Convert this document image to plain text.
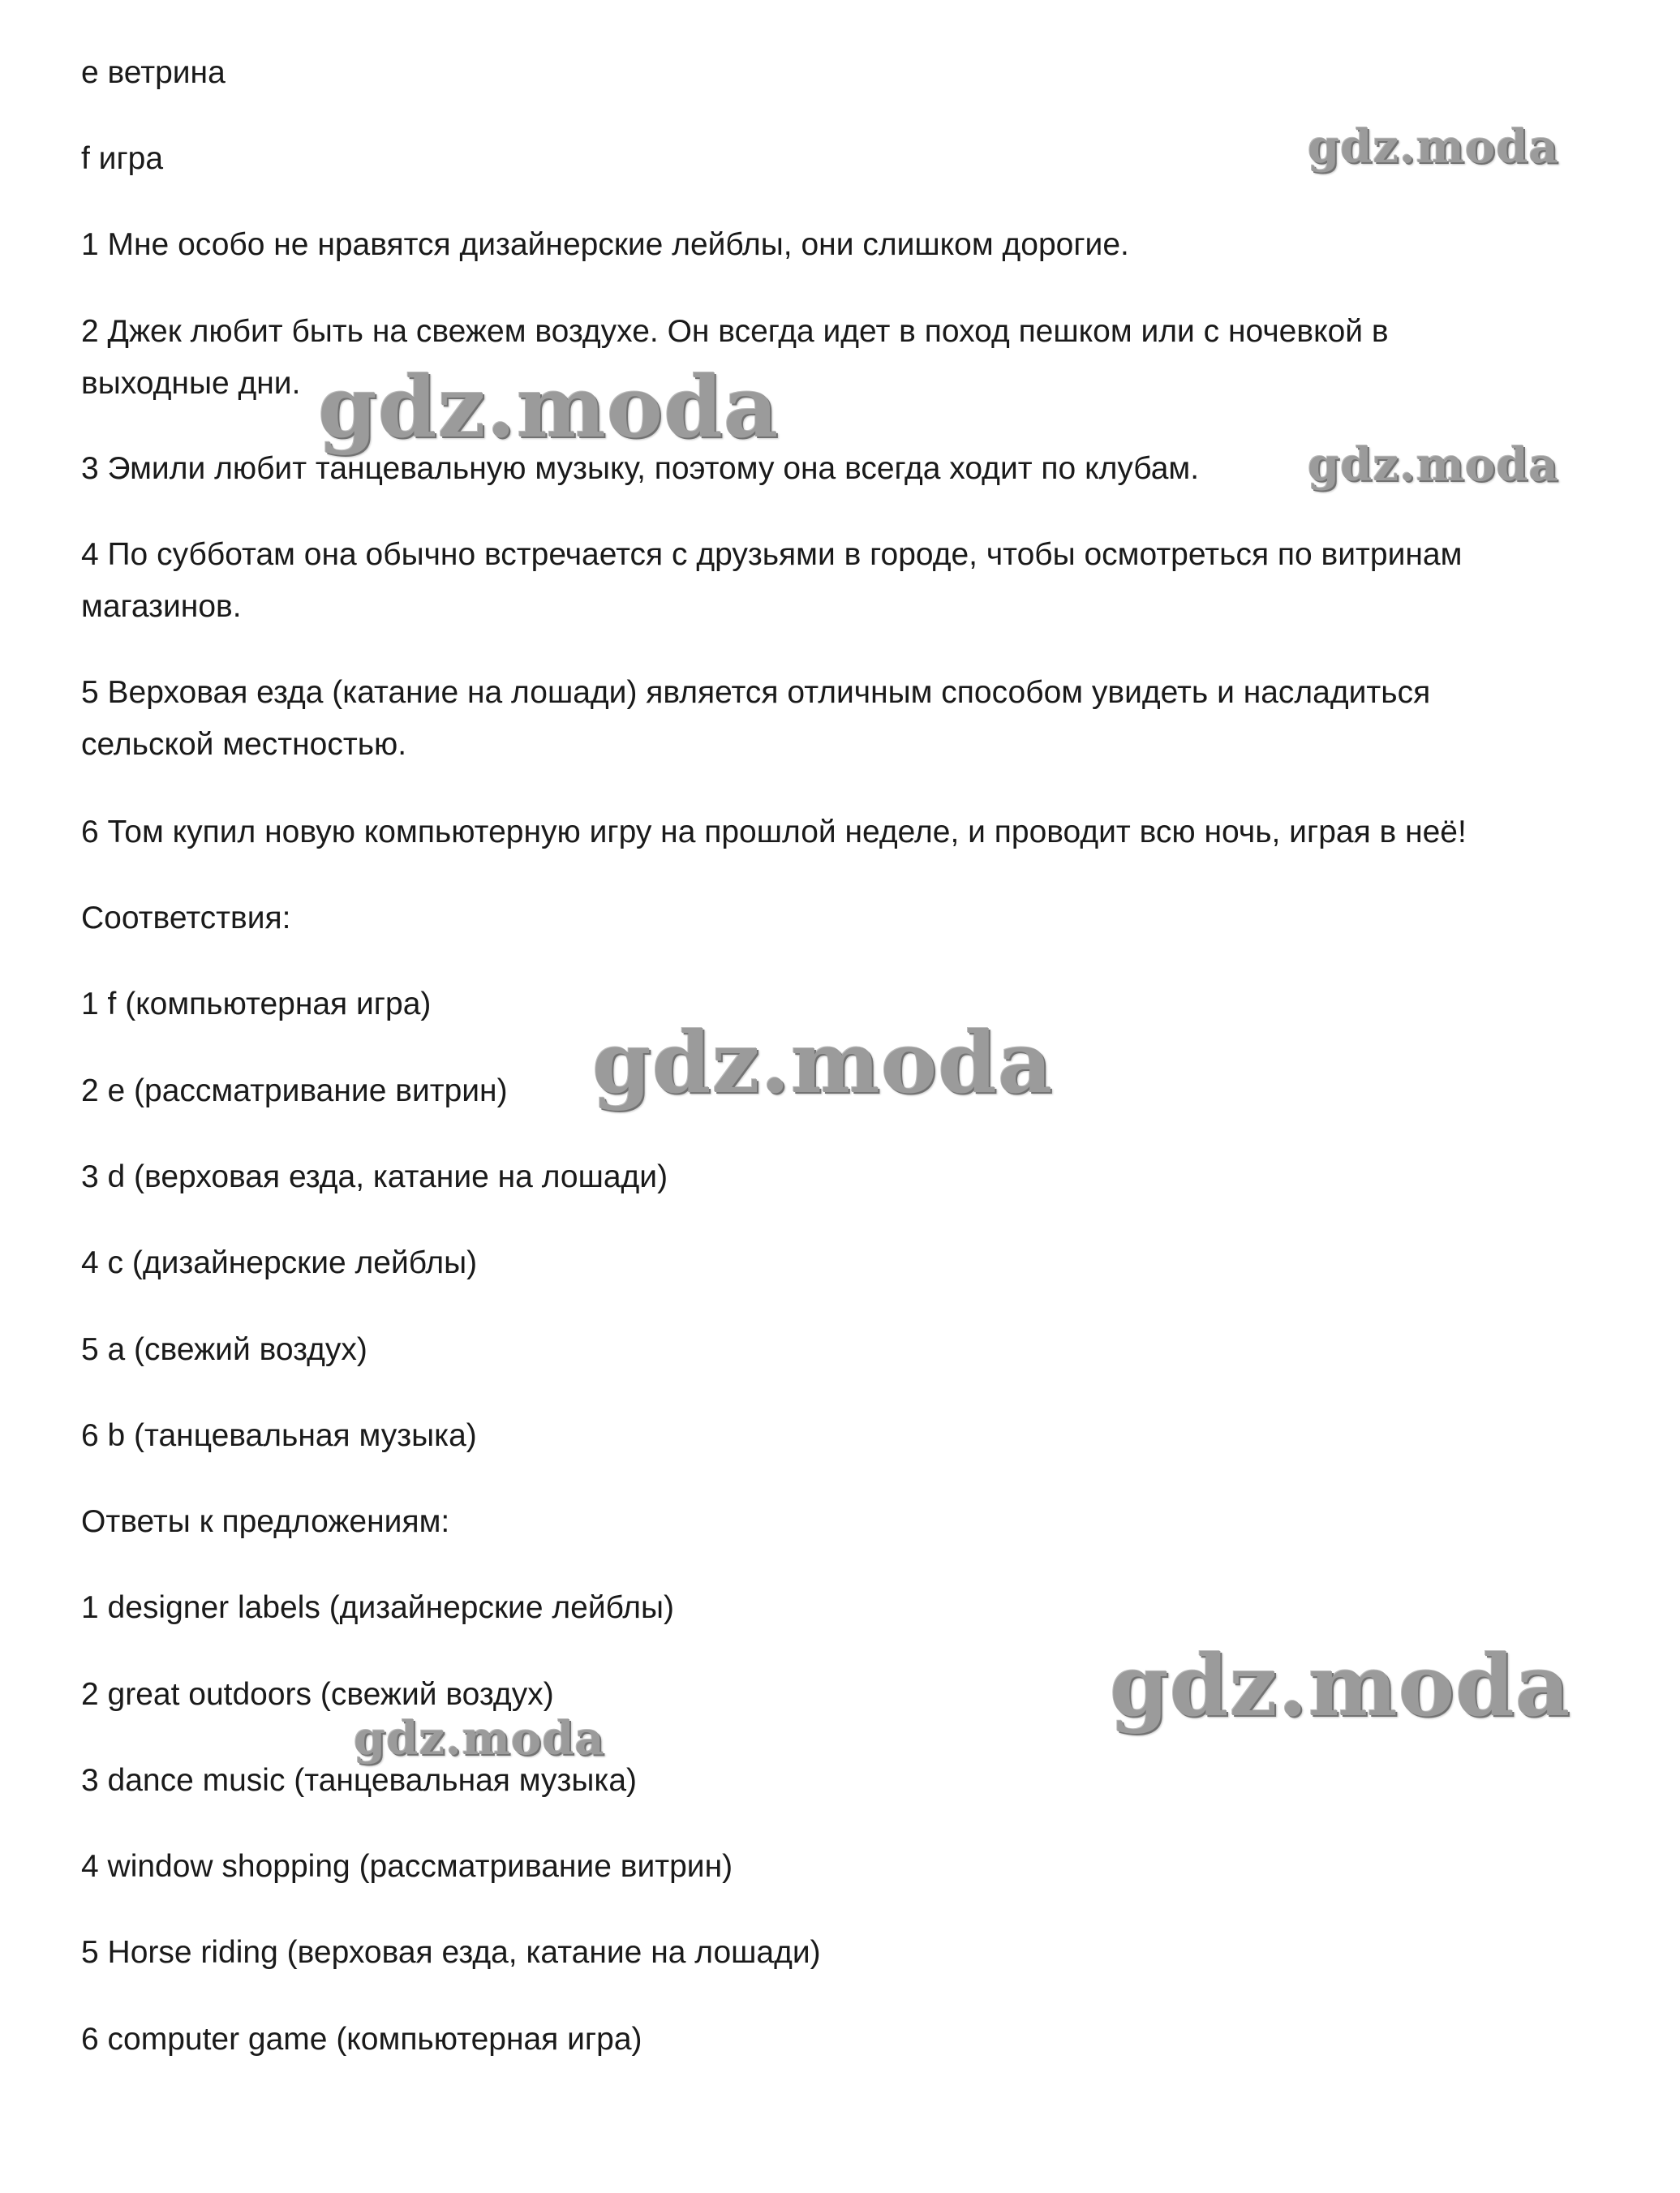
e ветрина

f игра

1 Мне особо не нравятся дизайнерские лейблы, они слишком дорогие.

2 Джек любит быть на свежем воздухе. Он всегда идет в поход пешком или с ночевкой в

выходные дни.

3 Эмили любит танцевальную музыку, поэтому она всегда ходит по клубам.

4 По субботам она обычно встречается с друзьями в городе, чтобы осмотреться по витринам

магазинов.

5 Верховая езда (катание на лошади) является отличным способом увидеть и насладиться

сельской местностью.

6 Том купил новую компьютерную игру на прошлой неделе, и проводит всю ночь, играя в неё!

Соответствия:

1 f (компьютерная игра)

2 e (рассматривание витрин)

3 d (верховая езда, катание на лошади)

4 c (дизайнерские лейблы)

5 a (свежий воздух)

6 b (танцевальная музыка)

Ответы к предложениям:

1 designer labels (дизайнерские лейблы)

2 great outdoors (свежий воздух)

3 dance music (танцевальная музыка)

4 window shopping (рассматривание витрин)

5 Horse riding (верховая езда, катание на лошади)

6 computer game (компьютерная игра)

gdz.moda
gdz.moda
gdz.moda
gdz.moda
gdz.moda
gdz.moda
